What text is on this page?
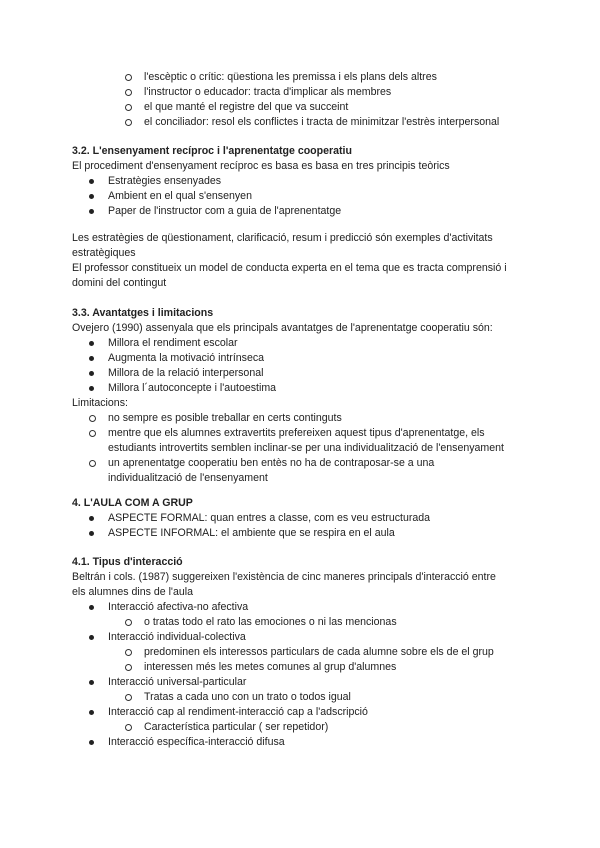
l'escèptic o crític: qüestiona les premissa i els plans dels altres
l'instructor o educador: tracta d'implicar als membres
el que manté el registre del que va succeint
el conciliador: resol els conflictes i tracta de minimitzar l'estrès interpersonal
3.2. L'ensenyament recíproc i l'aprenentatge cooperatiu
El procediment d'ensenyament recíproc es basa es basa en tres principis teòrics
Estratègies ensenyades
Ambient en el qual s'ensenyen
Paper de l'instructor com a guia de l'aprenentatge
Les estratègies de qüestionament, clarificació, resum i predicció són exemples d'activitats
estratègiques
El professor constitueix un model de conducta experta en el tema que es tracta comprensió i
domini del contingut
3.3. Avantatges i limitacions
Ovejero (1990) assenyala que els principals avantatges de l'aprenentatge cooperatiu són:
Millora el rendiment escolar
Augmenta la motivació intrínseca
Millora de la relació interpersonal
Millora l´autoconcepte i l'autoestima
Limitacions:
no sempre es posible treballar en certs continguts
mentre que els alumnes extravertits prefereixen aquest tipus d'aprenentatge, els
estudiants introvertits semblen inclinar-se per una individualització de l'ensenyament
un aprenentatge cooperatiu ben entès no ha de contraposar-se a una
individualització de l'ensenyament
4. L'AULA COM A GRUP
ASPECTE FORMAL: quan entres a classe, com es veu estructurada
ASPECTE INFORMAL: el ambiente que se respira en el aula
4.1. Tipus d'interacció
Beltrán i cols. (1987) suggereixen l'existència de cinc maneres principals d'interacció entre
els alumnes dins de l'aula
Interacció afectiva-no afectiva
o tratas todo el rato las emociones o ni las mencionas
Interacció individual-colectiva
predominen els interessos particulars de cada alumne sobre els de el grup
interessen més les metes comunes al grup d'alumnes
Interacció universal-particular
Tratas a cada uno con un trato o todos igual
Interacció cap al rendiment-interacció cap a l'adscripció
Característica particular ( ser repetidor)
Interacció específica-interacció difusa
